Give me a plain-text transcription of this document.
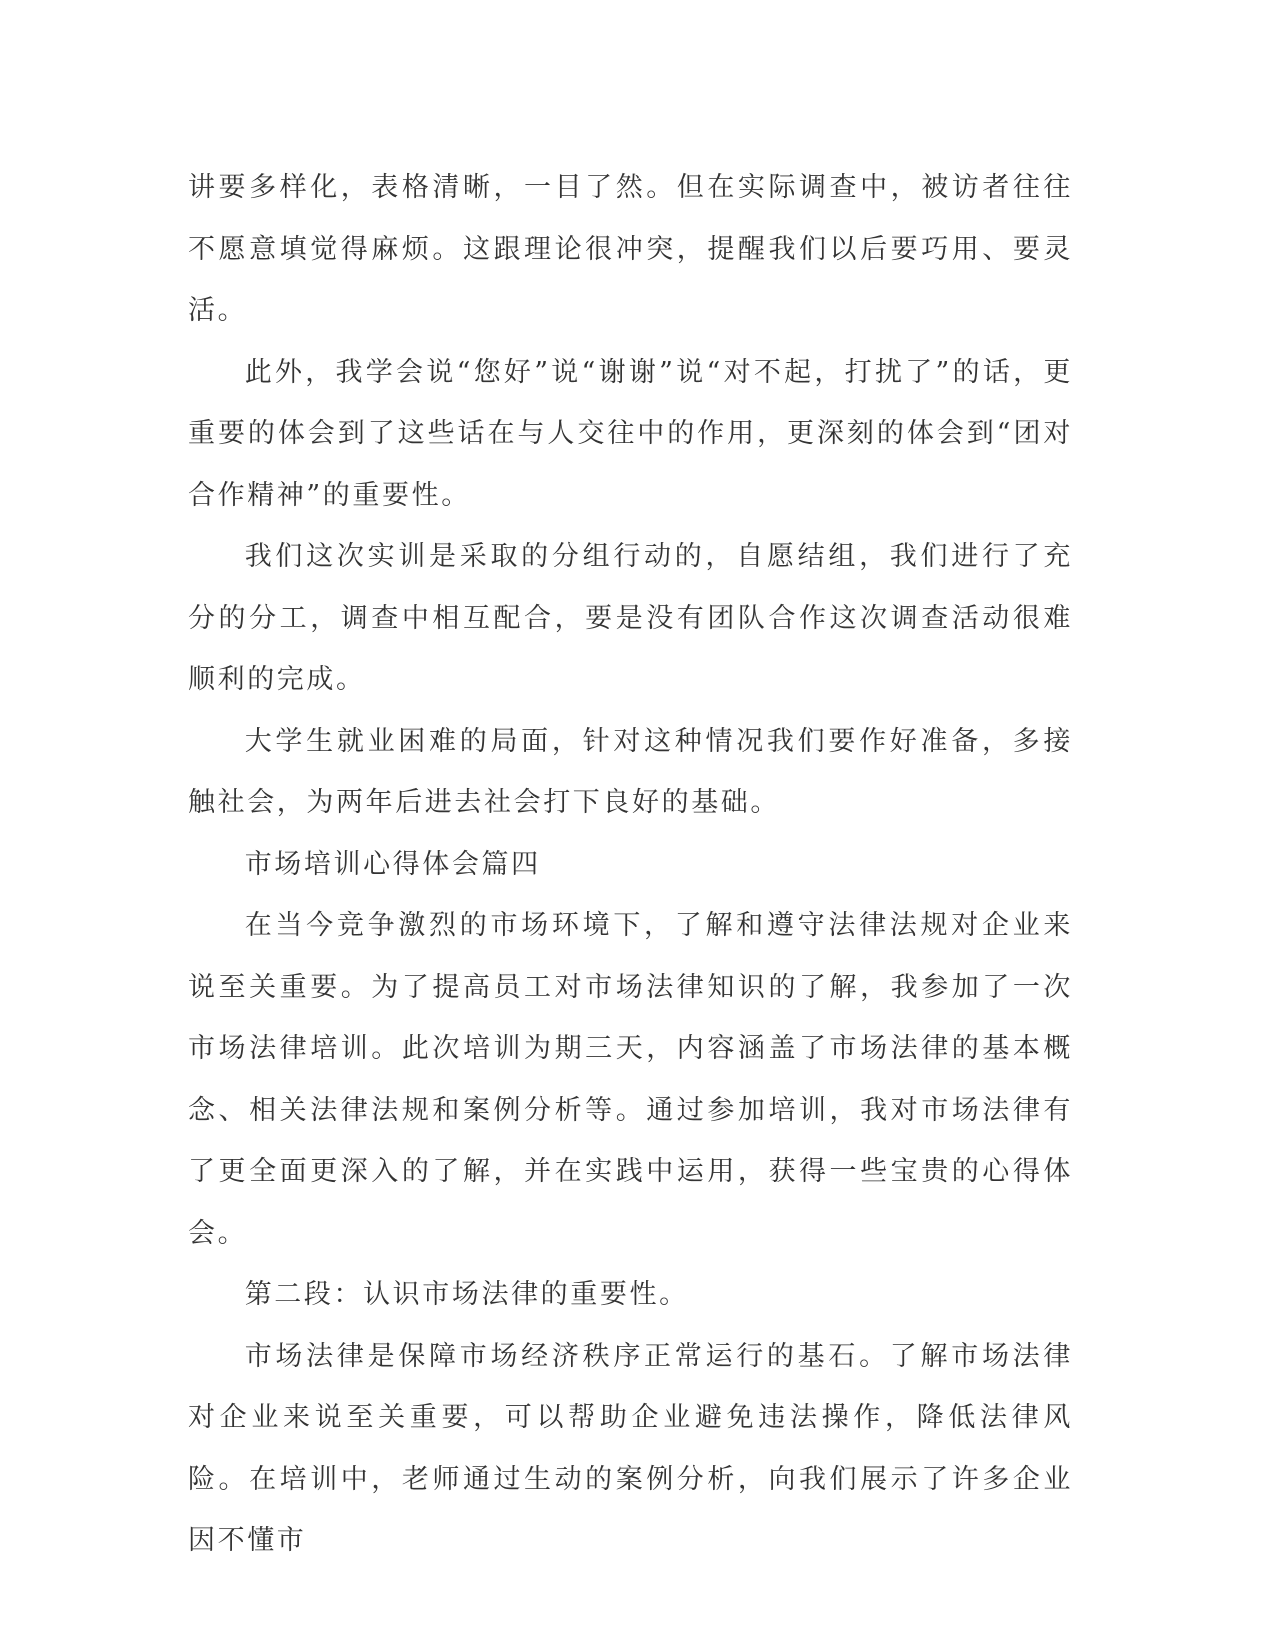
讲要多样化，表格清晰，一目了然。但在实际调查中，被访者往往不愿意填觉得麻烦。这跟理论很冲突，提醒我们以后要巧用、要灵活。

此外，我学会说“您好”说“谢谢”说“对不起，打扰了”的话，更重要的体会到了这些话在与人交往中的作用，更深刻的体会到“团对合作精神”的重要性。

我们这次实训是采取的分组行动的，自愿结组，我们进行了充分的分工，调查中相互配合，要是没有团队合作这次调查活动很难顺利的完成。

大学生就业困难的局面，针对这种情况我们要作好准备，多接触社会，为两年后进去社会打下良好的基础。

市场培训心得体会篇四

在当今竞争激烈的市场环境下，了解和遵守法律法规对企业来说至关重要。为了提高员工对市场法律知识的了解，我参加了一次市场法律培训。此次培训为期三天，内容涵盖了市场法律的基本概念、相关法律法规和案例分析等。通过参加培训，我对市场法律有了更全面更深入的了解，并在实践中运用，获得一些宝贵的心得体会。

第二段：认识市场法律的重要性。

市场法律是保障市场经济秩序正常运行的基石。了解市场法律对企业来说至关重要，可以帮助企业避免违法操作，降低法律风险。在培训中，老师通过生动的案例分析，向我们展示了许多企业因不懂市
